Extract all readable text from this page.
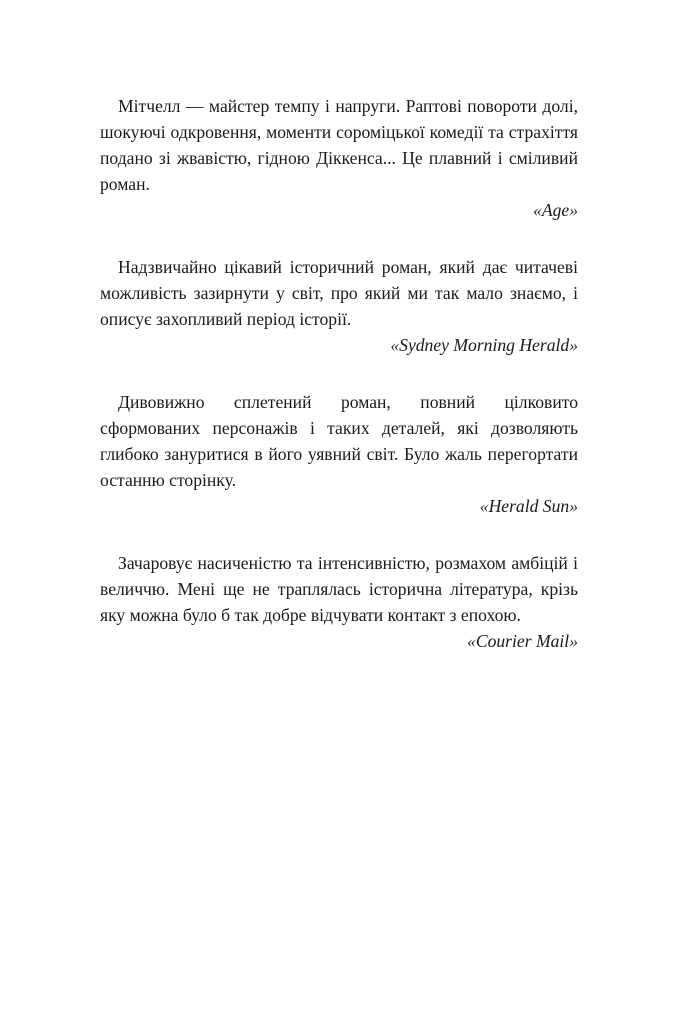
Мітчелл — майстер темпу і напруги. Раптові повороти долі, шокуючі одкровення, моменти сороміцької комедії та страхіття подано зі жвавістю, гідною Діккенса... Це плавний і сміливий роман.

«Age»

Надзвичайно цікавий історичний роман, який дає читачеві можливість зазирнути у світ, про який ми так мало знаємо, і описує захопливий період історії.

«Sydney Morning Herald»

Дивовижно сплетений роман, повний цілковито сформованих персонажів і таких деталей, які дозволяють глибоко зануритися в його уявний світ. Було жаль перегортати останню сторінку.

«Herald Sun»

Зачаровує насиченістю та інтенсивністю, розмахом амбіцій і величчю. Мені ще не траплялась історична література, крізь яку можна було б так добре відчувати контакт з епохою.

«Courier Mail»
